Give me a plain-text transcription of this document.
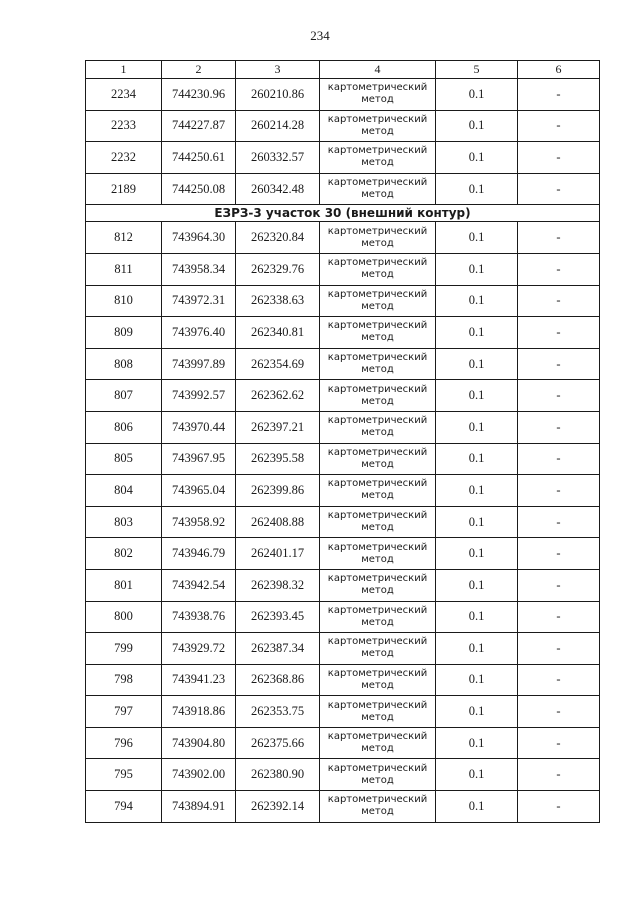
234
1	2	3	4	5	6
2234	744230.96	260210.86	картометрический метод	0.1	-
2233	744227.87	260214.28	картометрический метод	0.1	-
2232	744250.61	260332.57	картометрический метод	0.1	-
2189	744250.08	260342.48	картометрический метод	0.1	-
ЕЗРЗ-3 участок 30 (внешний контур)					
812	743964.30	262320.84	картометрический метод	0.1	-
811	743958.34	262329.76	картометрический метод	0.1	-
810	743972.31	262338.63	картометрический метод	0.1	-
809	743976.40	262340.81	картометрический метод	0.1	-
808	743997.89	262354.69	картометрический метод	0.1	-
807	743992.57	262362.62	картометрический метод	0.1	-
806	743970.44	262397.21	картометрический метод	0.1	-
805	743967.95	262395.58	картометрический метод	0.1	-
804	743965.04	262399.86	картометрический метод	0.1	-
803	743958.92	262408.88	картометрический метод	0.1	-
802	743946.79	262401.17	картометрический метод	0.1	-
801	743942.54	262398.32	картометрический метод	0.1	-
800	743938.76	262393.45	картометрический метод	0.1	-
799	743929.72	262387.34	картометрический метод	0.1	-
798	743941.23	262368.86	картометрический метод	0.1	-
797	743918.86	262353.75	картометрический метод	0.1	-
796	743904.80	262375.66	картометрический метод	0.1	-
795	743902.00	262380.90	картометрический метод	0.1	-
794	743894.91	262392.14	картометрический метод	0.1	-
